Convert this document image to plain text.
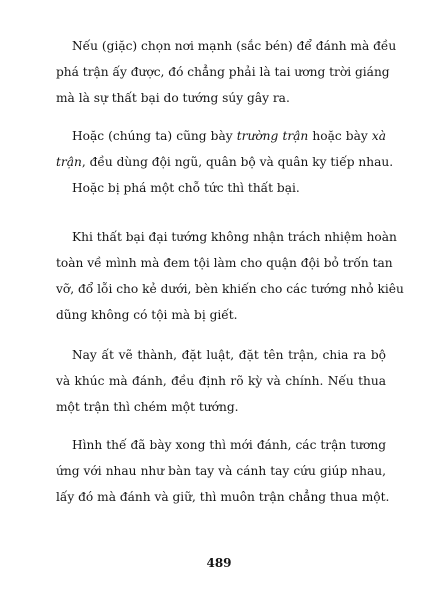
Nếu (giặc) chọn nơi mạnh (sắc bén) để đánh mà đều
phá trận ấy được, đó chẳng phải là tai ương trời giáng
mà là sự thất bại do tướng súy gây ra.
Hoặc (chúng ta) cũng bày trường trận hoặc bày xà
trận, đều dùng đội ngũ, quân bộ và quân ky tiếp nhau.
Hoặc bị phá một chỗ tức thì thất bại.
Khi thất bại đại tướng không nhận trách nhiệm hoàn
toàn về mình mà đem tội làm cho quận đội bỏ trốn tan
vỡ, đổ lỗi cho kẻ dưới, bèn khiến cho các tướng nhỏ kiêu
dũng không có tội mà bị giết.
Nay ất vẽ thành, đặt luật, đặt tên trận, chia ra bộ
và khúc mà đánh, đều định rõ kỳ và chính. Nếu thua
một trận thì chém một tướng.
Hình thế đã bày xong thì mới đánh, các trận tương
ứng với nhau như bàn tay và cánh tay cứu giúp nhau,
lấy đó mà đánh và giữ, thì muôn trận chẳng thua một.
489
